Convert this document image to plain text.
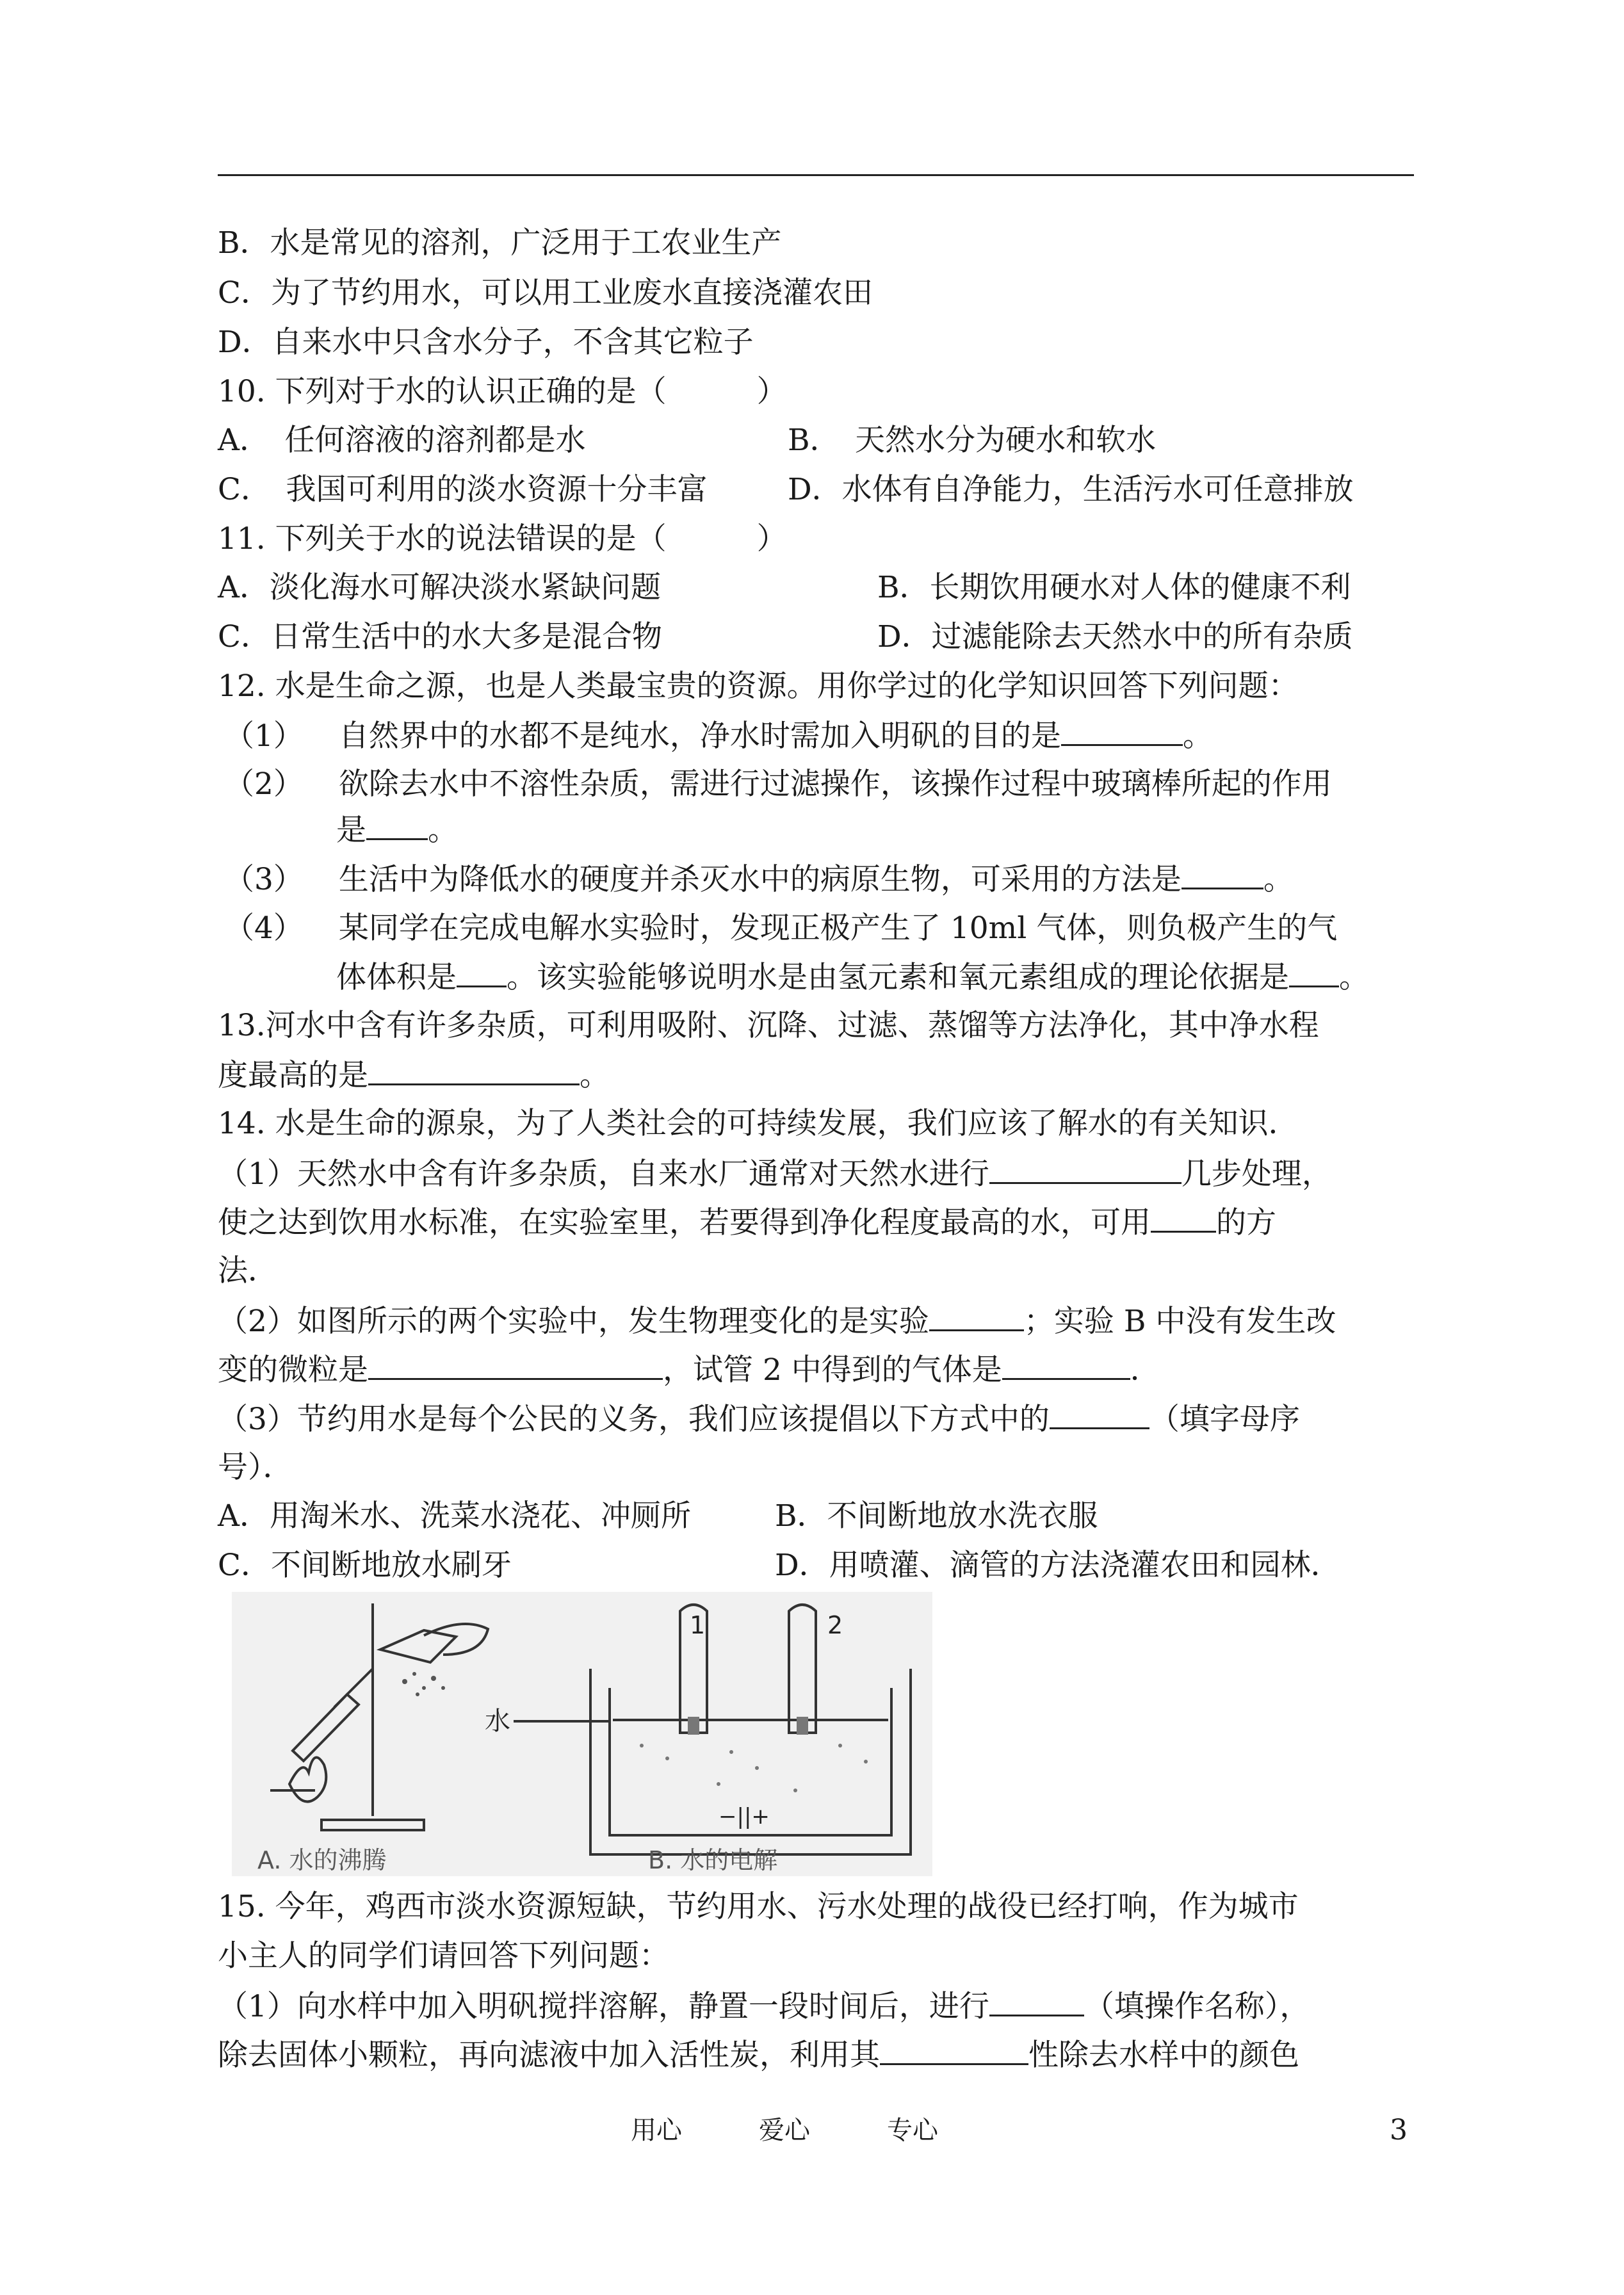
B．水是常见的溶剂，广泛用于工农业生产
C．为了节约用水，可以用工业废水直接浇灌农田
D．自来水中只含水分子，不含其它粒子
10. 下列对于水的认识正确的是（　　　）
A．　任何溶液的溶剂都是水	B．　天然水分为硬水和软水
C．　我国可利用的淡水资源十分丰富	D．水体有自净能力，生活污水可任意排放
11. 下列关于水的说法错误的是（　　　）
A．淡化海水可解决淡水紧缺问题	B．长期饮用硬水对人体的健康不利
C．日常生活中的水大多是混合物	D．过滤能除去天然水中的所有杂质
12. 水是生命之源，也是人类最宝贵的资源。用你学过的化学知识回答下列问题：
（1） 自然界中的水都不是纯水，净水时需加入明矾的目的是	。
（2） 欲除去水中不溶性杂质，需进行过滤操作，该操作过程中玻璃棒所起的作用
是 。
（3） 生活中为降低水的硬度并杀灭水中的病原生物，可采用的方法是	。
（4） 某同学在完成电解水实验时，发现正极产生了 10ml 气体，则负极产生的气
体体积是 。该实验能够说明水是由氢元素和氧元素组成的理论依据是 。
13.河水中含有许多杂质，可利用吸附、沉降、过滤、蒸馏等方法净化，其中净水程
度最高的是	。
14. 水是生命的源泉，为了人类社会的可持续发展，我们应该了解水的有关知识．
（1）天然水中含有许多杂质，自来水厂通常对天然水进行	几步处理，
使之达到饮用水标准，在实验室里，若要得到净化程度最高的水，可用 的方
法．
（2）如图所示的两个实验中，发生物理变化的是实验	；实验 B 中没有发生改
变的微粒是	，试管 2 中得到的气体是	．
（3）节约用水是每个公民的义务，我们应该提倡以下方式中的	（填字母序
号）．
A．用淘米水、洗菜水浇花、冲厕所	B．不间断地放水洗衣服
C．不间断地放水刷牙	D．用喷灌、滴管的方法浇灌农田和园林．
1	2
水
−||+
A. 水的沸腾	B. 水的电解
15. 今年，鸡西市淡水资源短缺，节约用水、污水处理的战役已经打响，作为城市
小主人的同学们请回答下列问题：
（1）向水样中加入明矾搅拌溶解，静置一段时间后，进行	（填操作名称），
除去固体小颗粒，再向滤液中加入活性炭，利用其	性除去水样中的颜色
用心	爱心	专心	3
